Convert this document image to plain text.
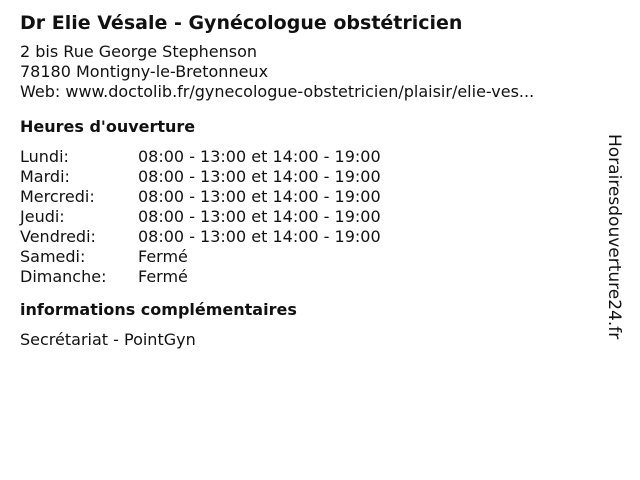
Dr Elie Vésale - Gynécologue obstétricien
2 bis Rue George Stephenson
78180 Montigny-le-Bretonneux
Web: www.doctolib.fr/gynecologue-obstetricien/plaisir/elie-ves...
Heures d'ouverture
Lundi:	08:00 - 13:00 et 14:00 - 19:00
Mardi:	08:00 - 13:00 et 14:00 - 19:00
Mercredi:	08:00 - 13:00 et 14:00 - 19:00
Jeudi:	08:00 - 13:00 et 14:00 - 19:00
Vendredi:	08:00 - 13:00 et 14:00 - 19:00
Samedi:	Fermé
Dimanche:	Fermé
informations complémentaires
Secrétariat - PointGyn
Horairesdouverture24.fr
